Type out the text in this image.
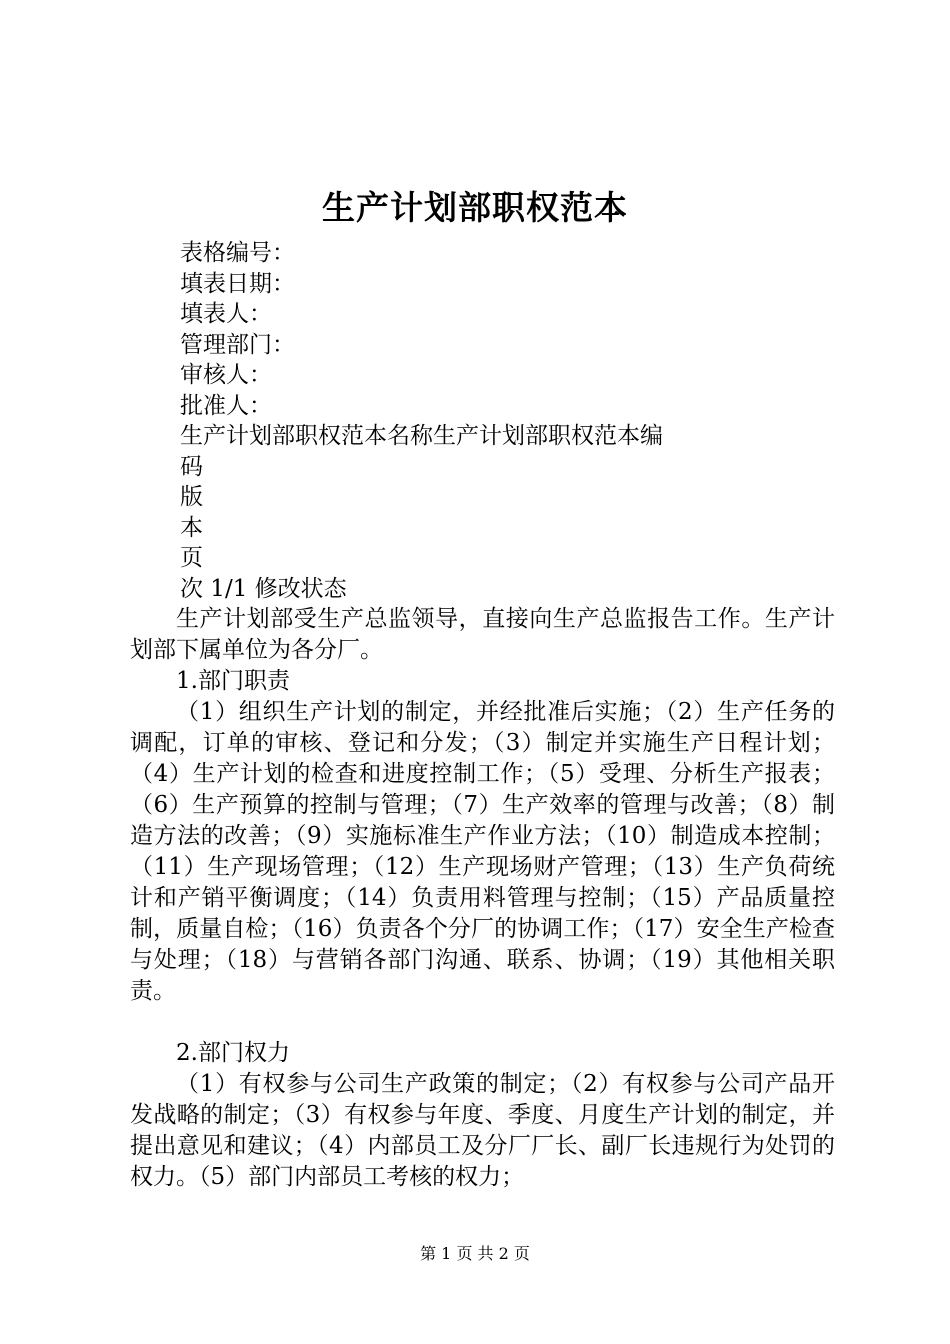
生产计划部职权范本
表格编号：
填表日期：
填表人：
管理部门：
审核人：
批准人：
生产计划部职权范本名称生产计划部职权范本编
码
版
本
页
次 1/1 修改状态

生产计划部受生产总监领导，直接向生产总监报告工作。生产计划部下属单位为各分厂。

1.部门职责

（1）组织生产计划的制定，并经批准后实施；（2）生产任务的调配，订单的审核、登记和分发；（3）制定并实施生产日程计划；（4）生产计划的检查和进度控制工作；（5）受理、分析生产报表；（6）生产预算的控制与管理；（7）生产效率的管理与改善；（8）制造方法的改善；（9）实施标准生产作业方法；（10）制造成本控制；（11）生产现场管理；（12）生产现场财产管理；（13）生产负荷统计和产销平衡调度；（14）负责用料管理与控制；（15）产品质量控制，质量自检；（16）负责各个分厂的协调工作；（17）安全生产检查与处理；（18）与营销各部门沟通、联系、协调；（19）其他相关职责。

2.部门权力

（1）有权参与公司生产政策的制定；（2）有权参与公司产品开发战略的制定；（3）有权参与年度、季度、月度生产计划的制定，并提出意见和建议；（4）内部员工及分厂厂长、副厂长违规行为处罚的权力。（5）部门内部员工考核的权力；

第 1 页 共 2 页
